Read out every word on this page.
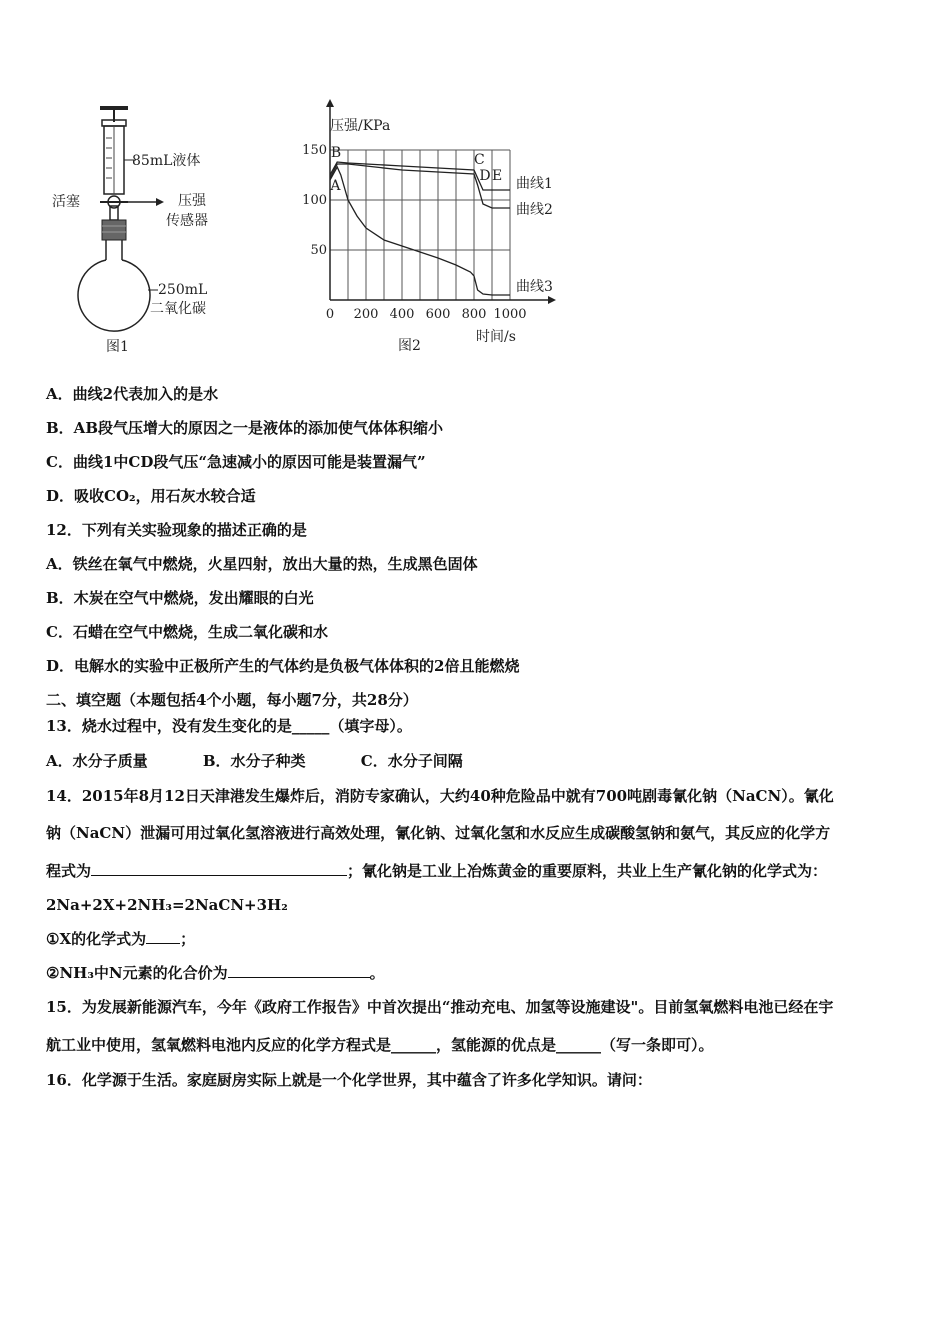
85mL液体
活塞	压强
传感器
250mL
二氧化碳
图1
压强/KPa
时间/s
图2
0 200 400 600 800 1000
50
100
150
曲线1
曲线2
曲线3
A
B	C
D E
A．曲线2代表加入的是水
B．AB段气压增大的原因之一是液体的添加使气体体积缩小
C．曲线1中CD段气压“急速减小的原因可能是装置漏气”
D．吸收CO₂，用石灰水较合适
12．下列有关实验现象的描述正确的是
A．铁丝在氧气中燃烧，火星四射，放出大量的热，生成黑色固体
B．木炭在空气中燃烧，发出耀眼的白光
C．石蜡在空气中燃烧，生成二氧化碳和水
D．电解水的实验中正极所产生的气体约是负极气体体积的2倍且能燃烧
二、填空题（本题包括4个小题，每小题7分，共28分）
13．烧水过程中，没有发生变化的是_____（填字母）。
A．水分子质量	B．水分子种类	C．水分子间隔
14．2015年8月12日天津港发生爆炸后，消防专家确认，大约40种危险品中就有700吨剧毒氰化钠（NaCN）。氰化
钠（NaCN）泄漏可用过氧化氢溶液进行高效处理，氰化钠、过氧化氢和水反应生成碳酸氢钠和氨气，其反应的化学方
程式为	；氰化钠是工业上冶炼黄金的重要原料，共业上生产氰化钠的化学式为：
2Na+2X+2NH₃=2NaCN+3H₂
①X的化学式为 ；
②NH₃中N元素的化合价为	。
15．为发展新能源汽车，今年《政府工作报告》中首次提出“推动充电、加氢等设施建设"。目前氢氧燃料电池已经在宇
航工业中使用，氢氧燃料电池内反应的化学方程式是______，氢能源的优点是______（写一条即可）。
16．化学源于生活。家庭厨房实际上就是一个化学世界，其中蕴含了许多化学知识。请问：
